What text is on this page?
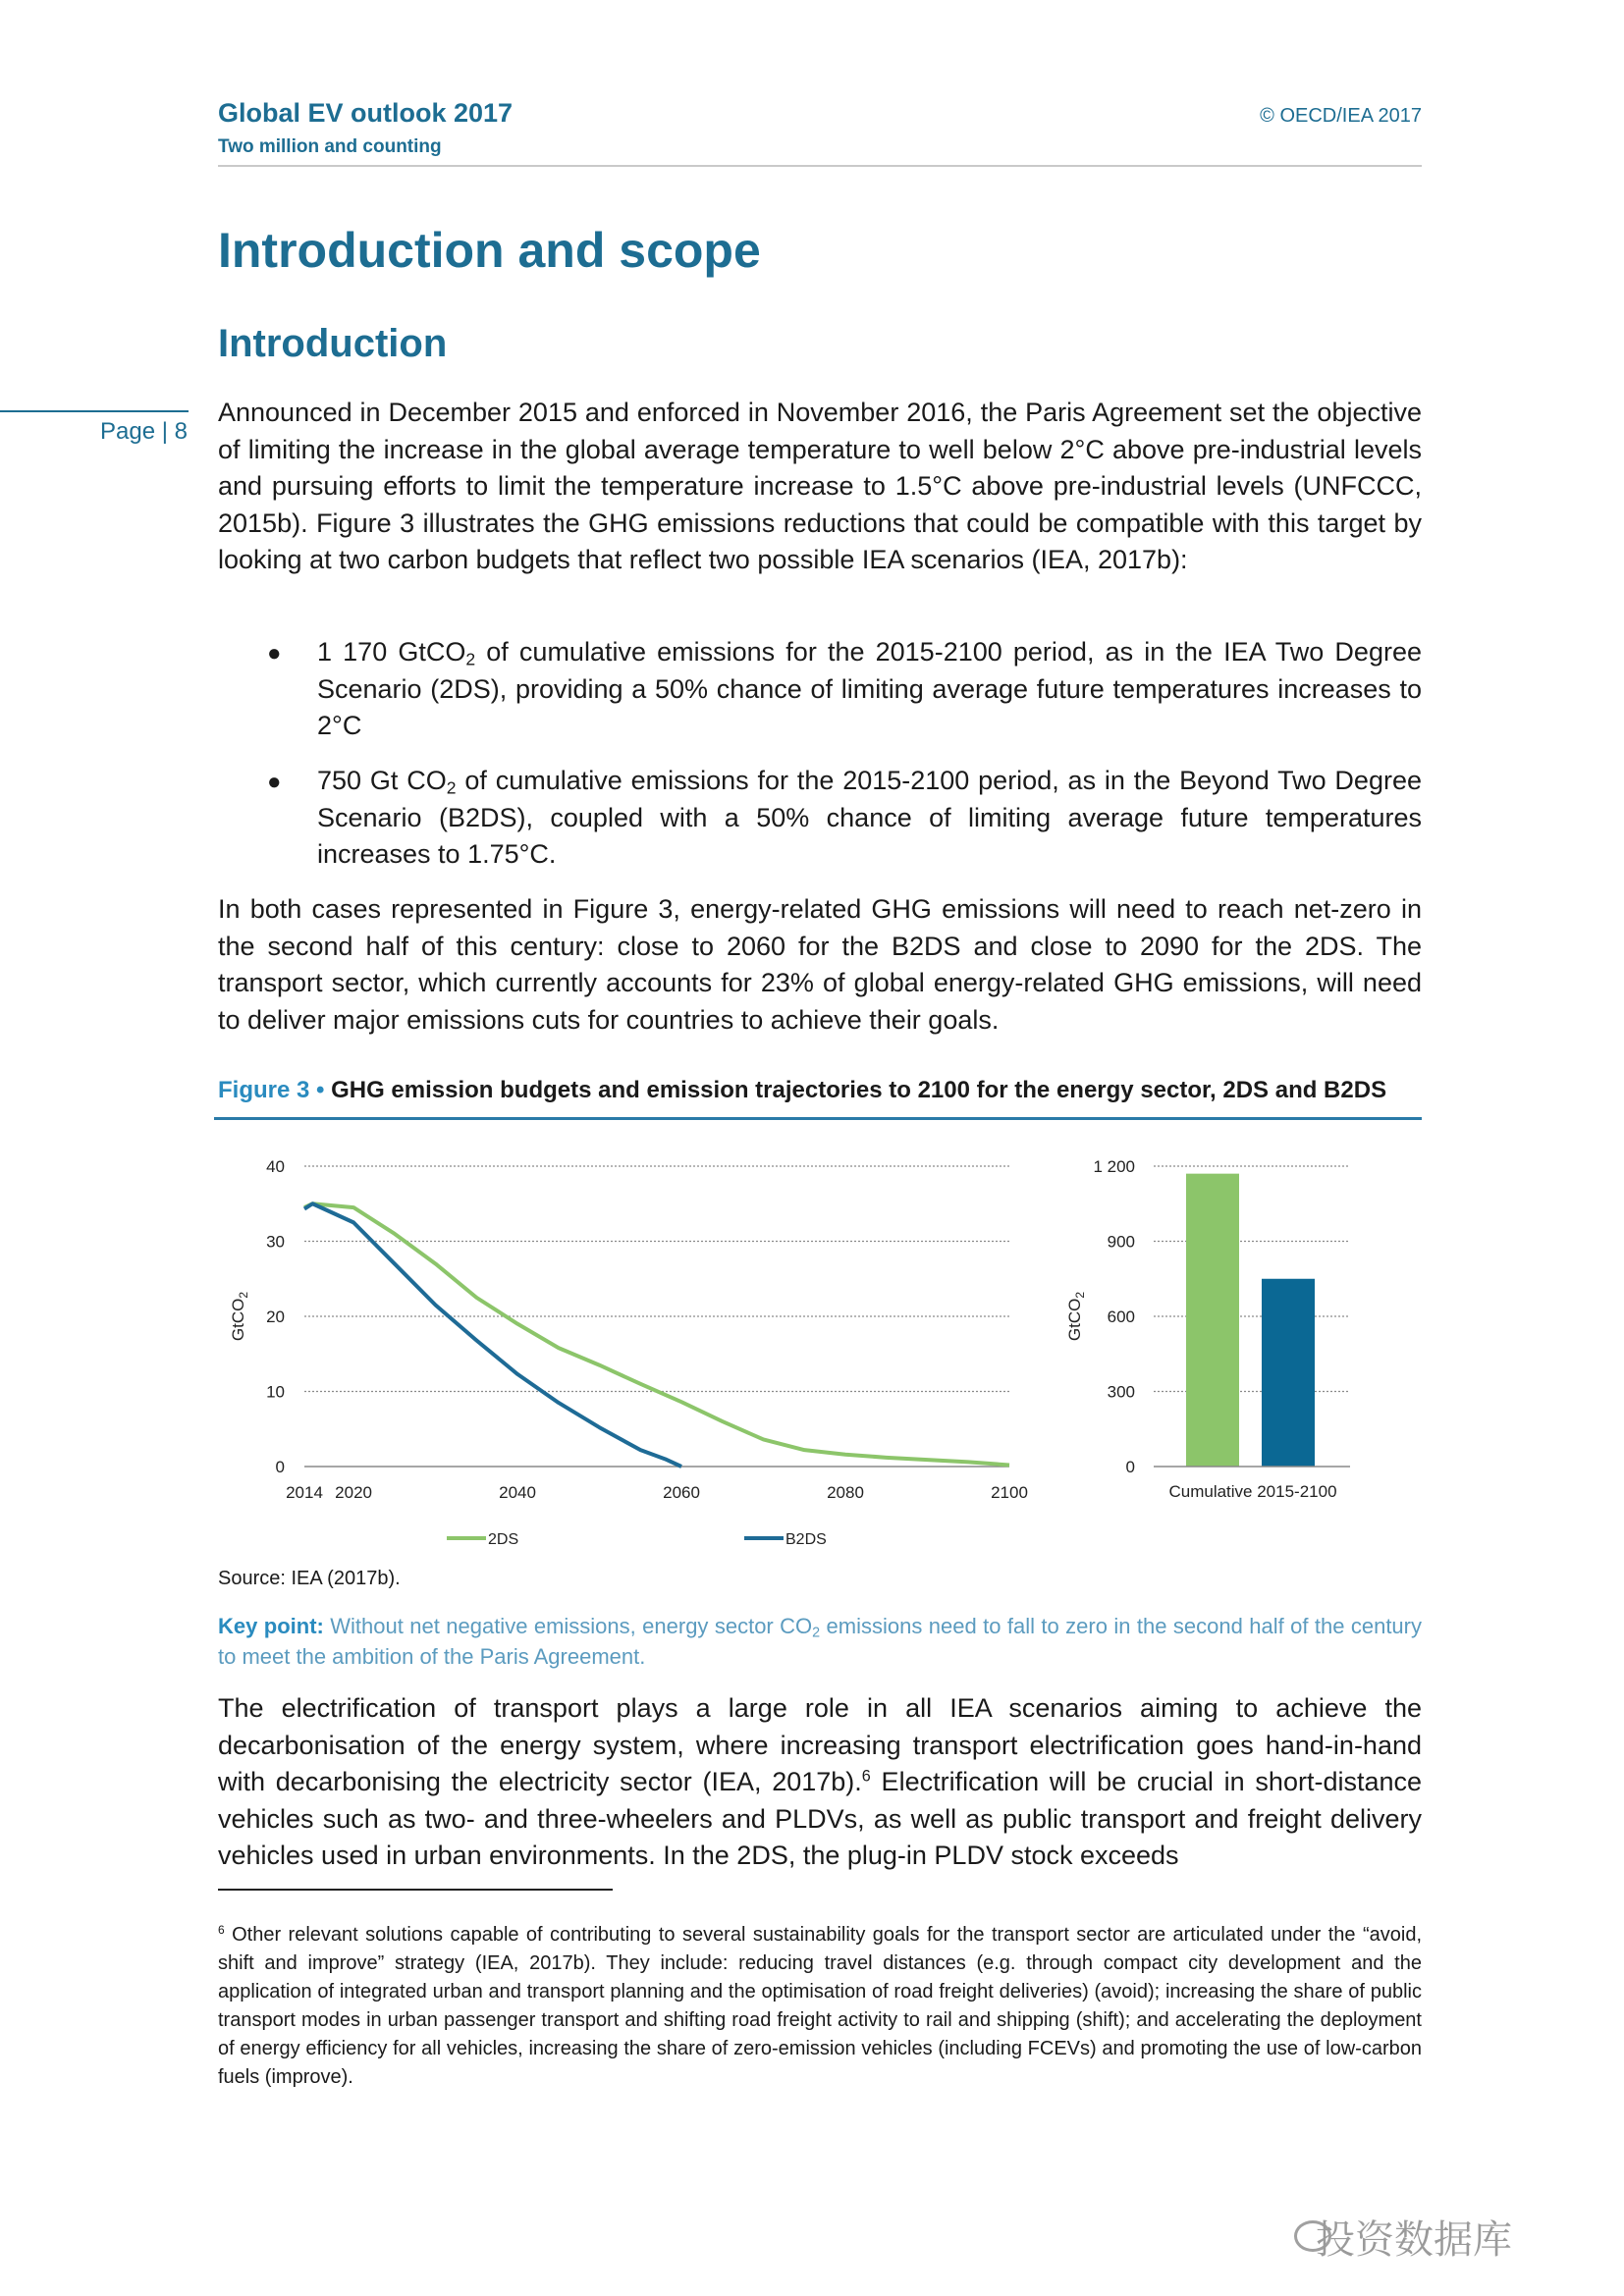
Global EV outlook 2017
Two million and counting
© OECD/IEA 2017
Introduction and scope
Introduction
Page | 8
Announced in December 2015 and enforced in November 2016, the Paris Agreement set the objective of limiting the increase in the global average temperature to well below 2°C above pre-industrial levels and pursuing efforts to limit the temperature increase to 1.5°C above pre-industrial levels (UNFCCC, 2015b). Figure 3 illustrates the GHG emissions reductions that could be compatible with this target by looking at two carbon budgets that reflect two possible IEA scenarios (IEA, 2017b):
● 1 170 GtCO$_2$ of cumulative emissions for the 2015-2100 period, as in the IEA Two Degree Scenario (2DS), providing a 50% chance of limiting average future temperatures increases to 2°C
● 750 Gt $CO_2$ of cumulative emissions for the 2015-2100 period, as in the Beyond Two Degree Scenario (B2DS), coupled with a 50% chance of limiting average future temperatures increases to 1.75°C.
In both cases represented in Figure 3, energy-related GHG emissions will need to reach net-zero in the second half of this century: close to 2060 for the B2DS and close to 2090 for the 2DS. The transport sector, which currently accounts for 23% of global energy-related GHG emissions, will need to deliver major emissions cuts for countries to achieve their goals.
Figure 3 • GHG emission budgets and emission trajectories to 2100 for the energy sector, 2DS and B2DS
0
10
20
30
40
2014 2020	2040	2060	2080	2100
GtCO$_2$
2DS	B2DS
0
300
600
900
1 200
GtCO$_2$
Cumulative 2015-2100
Source: IEA (2017b).
Key point: Without net negative emissions, energy sector $CO_2$ emissions need to fall to zero in the second half of the century to meet the ambition of the Paris Agreement.
The electrification of transport plays a large role in all IEA scenarios aiming to achieve the decarbonisation of the energy system, where increasing transport electrification goes hand-in-hand with decarbonising the electricity sector (IEA, 2017b).$^6$ Electrification will be crucial in short-distance vehicles such as two- and three-wheelers and PLDVs, as well as public transport and freight delivery vehicles used in urban environments. In the 2DS, the plug-in PLDV stock exceeds
$^6$ Other relevant solutions capable of contributing to several sustainability goals for the transport sector are articulated under the “avoid, shift and improve” strategy (IEA, 2017b). They include: reducing travel distances (e.g. through compact city development and the application of integrated urban and transport planning and the optimisation of road freight deliveries) (avoid); increasing the share of public transport modes in urban passenger transport and shifting road freight activity to rail and shipping (shift); and accelerating the deployment of energy efficiency for all vehicles, increasing the share of zero-emission vehicles (including FCEVs) and promoting the use of low-carbon fuels (improve).
投资数据库
